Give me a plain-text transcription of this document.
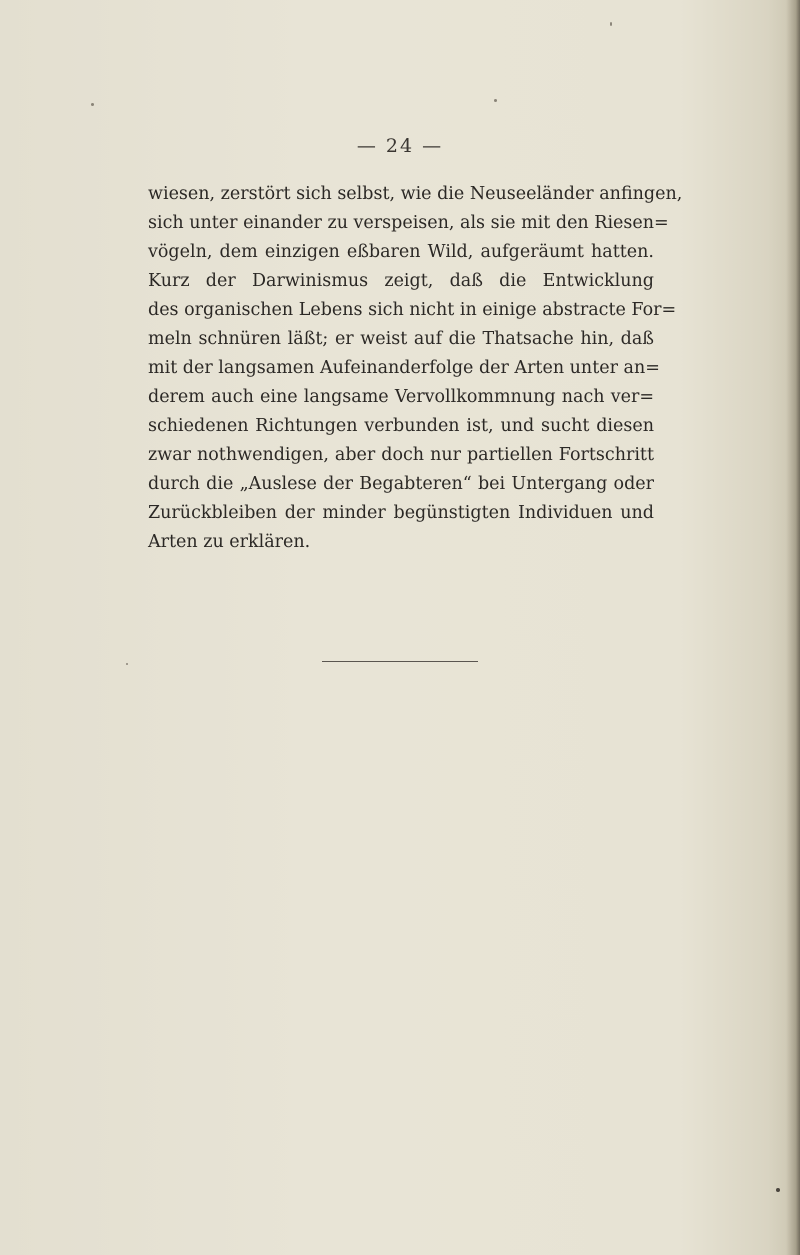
— 24 —
wiesen, zerstört sich selbst, wie die Neuseeländer anfingen,
sich unter einander zu verspeisen, als sie mit den Riesen=
vögeln, dem einzigen eßbaren Wild, aufgeräumt hatten.
Kurz der Darwinismus zeigt, daß die Entwicklung
des organischen Lebens sich nicht in einige abstracte For=
meln schnüren läßt; er weist auf die Thatsache hin, daß
mit der langsamen Aufeinanderfolge der Arten unter an=
derem auch eine langsame Vervollkommnung nach ver=
schiedenen Richtungen verbunden ist, und sucht diesen
zwar nothwendigen, aber doch nur partiellen Fortschritt
durch die „Auslese der Begabteren“ bei Untergang oder
Zurückbleiben der minder begünstigten Individuen und
Arten zu erklären.
